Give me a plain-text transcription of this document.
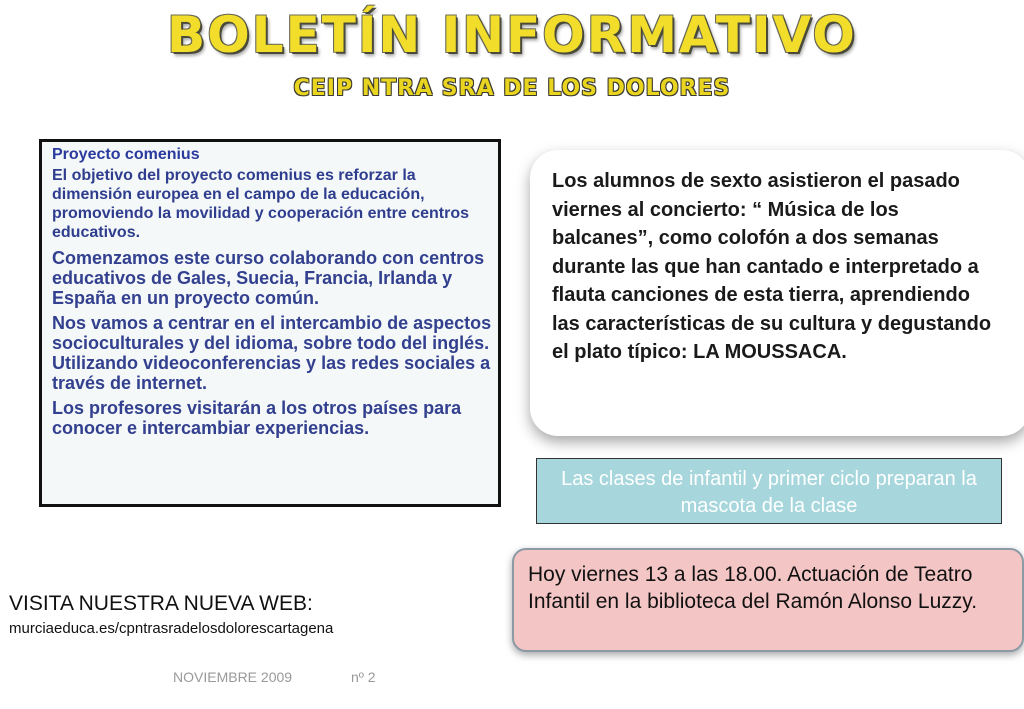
BOLETÍN INFORMATIVO
CEIP NTRA SRA DE LOS DOLORES

Proyecto comenius

El objetivo del proyecto comenius es reforzar la dimensión europea en el campo de la educación, promoviendo la movilidad y cooperación entre centros educativos.

Comenzamos este curso colaborando con centros educativos de Gales, Suecia, Francia, Irlanda y España en un proyecto común.

Nos vamos a centrar en el intercambio de aspectos socioculturales y del idioma, sobre todo del inglés. Utilizando videoconferencias y las redes sociales a través de internet.

Los profesores visitarán a los otros países para conocer e intercambiar experiencias.

Los alumnos de sexto asistieron el pasado viernes al concierto: “ Música de los balcanes”, como colofón a dos semanas durante las que han cantado e interpretado a flauta canciones de esta tierra, aprendiendo las características de su cultura y degustando el plato típico: LA MOUSSACA.

Las clases de infantil y primer ciclo preparan la mascota de la clase

Hoy viernes 13 a las 18.00. Actuación de Teatro Infantil en la biblioteca del Ramón Alonso Luzzy.

VISITA NUESTRA NUEVA WEB:
murciaeduca.es/cpntrasradelosdolorescartagena
NOVIEMBRE 2009	nº 2
